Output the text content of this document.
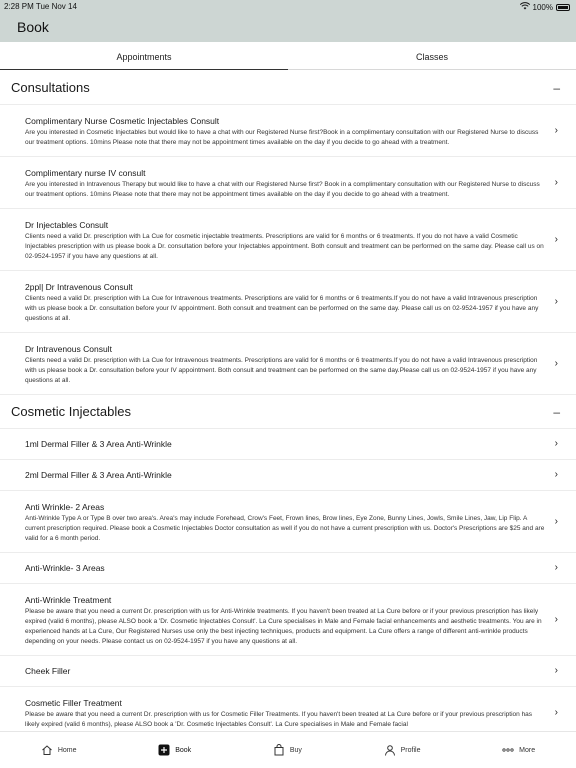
2:28 PM Tue Nov 14	100%
Book
Appointments	Classes
Consultations	–
Complimentary Nurse Cosmetic Injectables Consult
Are you interested in Cosmetic Injectables but would like to have a chat with our Registered Nurse first?Book in a complimentary consultation with our Registered Nurse to discuss our treatment options. 10mins Please note that there may not be appointment times available on the day if you decide to go ahead with a treatment.
›
Complimentary nurse IV consult
Are you interested in Intravenous Therapy but would like to have a chat with our Registered Nurse first? Book in a complimentary consultation with our Registered Nurse to discuss our treatment options. 10mins Please note that there may not be appointment times available on the day if you decide to go ahead with a treatment.
›
Dr Injectables Consult
Clients need a valid Dr. prescription with La Cue for cosmetic injectable treatments. Prescriptions are valid for 6 months or 6 treatments. If you do not have a valid Cosmetic Injectables prescription with us please book a Dr. consultation before your Injectables appointment. Both consult and treatment can be performed on the same day. Please call us on 02-9524-1957 if you have any questions at all.
›
2ppl| Dr Intravenous Consult
Clients need a valid Dr. prescription with La Cue for Intravenous treatments. Prescriptions are valid for 6 months or 6 treatments.If you do not have a valid Intravenous prescription with us please book a Dr. consultation before your IV appointment. Both consult and treatment can be performed on the same day. Please call us on 02-9524-1957 if you have any questions at all.
›
Dr Intravenous Consult
Clients need a valid Dr. prescription with La Cue for Intravenous treatments. Prescriptions are valid for 6 months or 6 treatments.If you do not have a valid Intravenous prescription with us please book a Dr. consultation before your IV appointment. Both consult and treatment can be performed on the same day.Please call us on 02-9524-1957 if you have any questions at all.
›
Cosmetic Injectables	–
1ml Dermal Filler & 3 Area Anti-Wrinkle	›
2ml Dermal Filler & 3 Area Anti-Wrinkle	›
Anti Wrinkle- 2 Areas
Anti-Wrinkle Type A or Type B over two area's. Area's may include Forehead, Crow's Feet, Frown lines, Brow lines, Eye Zone, Bunny Lines, Jowls, Smile Lines, Jaw, Lip Flip. A current prescription required. Please book a Cosmetic Injectables Doctor consultation as well if you do not have a current prescription with us. Doctor's Prescriptions are $25 and are valid for a 6 month period.
›
Anti-Wrinkle- 3 Areas	›
Anti-Wrinkle Treatment
Please be aware that you need a current Dr. prescription with us for Anti-Wrinkle treatments. If you haven't been treated at La Cure before or if your previous prescription has likely expired (valid 6 months), please ALSO book a 'Dr. Cosmetic Injectables Consult'. La Cure specialises in Male and Female facial enhancements and aesthetic treatments. You are in experienced hands at La Cure, Our Registered Nurses use only the best injecting techniques, products and equipment. La Cure offers a range of different anti-wrinkle products depending on your needs. Please contact us on 02-9524-1957 if you have any questions at all.
›
Cheek Filler	›
Cosmetic Filler Treatment
Please be aware that you need a current Dr. prescription with us for Cosmetic Filler Treatments. If you haven't been treated at La Cure before or if your previous prescription has likely expired (valid 6 months), please ALSO book a 'Dr. Cosmetic Injectables Consult'. La Cure specialises in Male and Female facial
›
Home	Book	Buy	Profile	More
